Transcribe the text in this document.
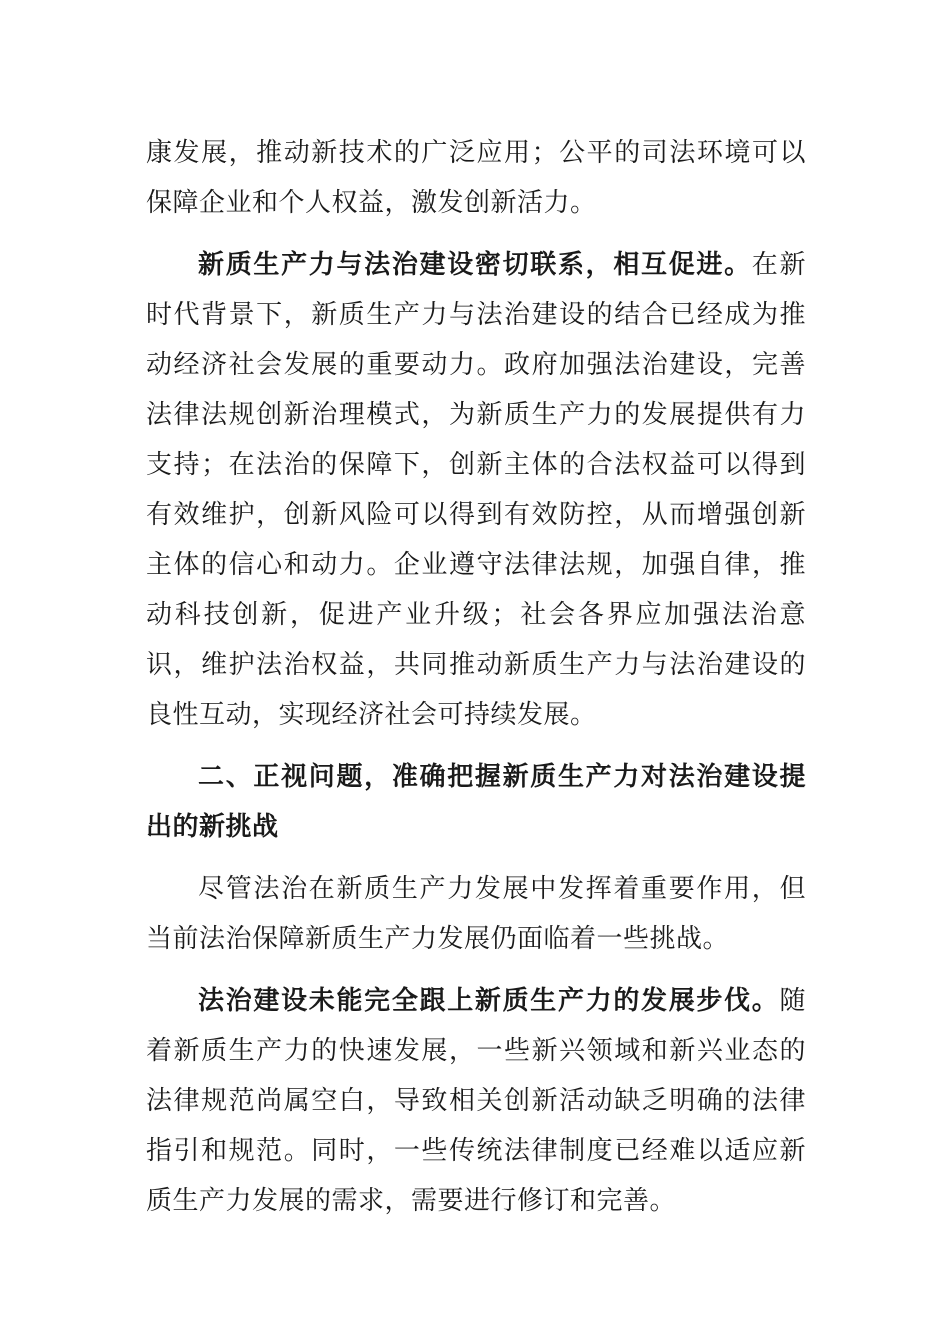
康发展，推动新技术的广泛应用；公平的司法环境可以保障企业和个人权益，激发创新活力。

新质生产力与法治建设密切联系，相互促进。在新时代背景下，新质生产力与法治建设的结合已经成为推动经济社会发展的重要动力。政府加强法治建设，完善法律法规创新治理模式，为新质生产力的发展提供有力支持；在法治的保障下，创新主体的合法权益可以得到有效维护，创新风险可以得到有效防控，从而增强创新主体的信心和动力。企业遵守法律法规，加强自律，推动科技创新，促进产业升级；社会各界应加强法治意识，维护法治权益，共同推动新质生产力与法治建设的良性互动，实现经济社会可持续发展。

二、正视问题，准确把握新质生产力对法治建设提出的新挑战

尽管法治在新质生产力发展中发挥着重要作用，但当前法治保障新质生产力发展仍面临着一些挑战。

法治建设未能完全跟上新质生产力的发展步伐。随着新质生产力的快速发展，一些新兴领域和新兴业态的法律规范尚属空白，导致相关创新活动缺乏明确的法律指引和规范。同时，一些传统法律制度已经难以适应新质生产力发展的需求，需要进行修订和完善。
